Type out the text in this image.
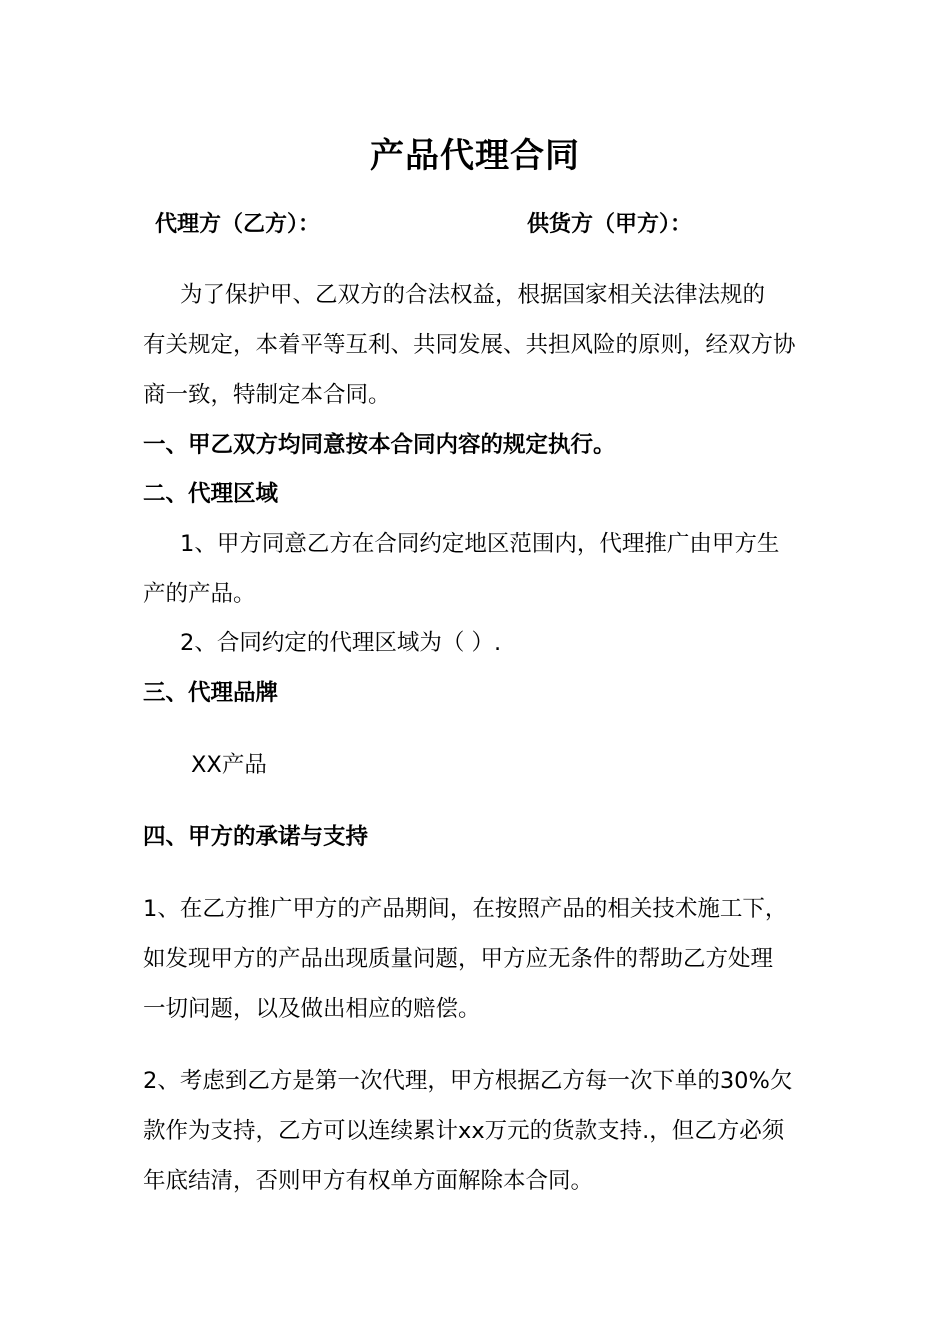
产品代理合同
代理方（乙方）：	供货方（甲方）：
为了保护甲、乙双方的合法权益，根据国家相关法律法规的
有关规定，本着平等互利、共同发展、共担风险的原则，经双方协
商一致，特制定本合同。
一、甲乙双方均同意按本合同内容的规定执行。
二、代理区域
1、甲方同意乙方在合同约定地区范围内，代理推广由甲方生
产的产品。
2、合同约定的代理区域为（ ）.
三、代理品牌
XX产品
四、甲方的承诺与支持
1、在乙方推广甲方的产品期间，在按照产品的相关技术施工下，
如发现甲方的产品出现质量问题，甲方应无条件的帮助乙方处理
一切问题，以及做出相应的赔偿。
2、考虑到乙方是第一次代理，甲方根据乙方每一次下单的30%欠
款作为支持，乙方可以连续累计xx万元的货款支持.，但乙方必须
年底结清，否则甲方有权单方面解除本合同。
